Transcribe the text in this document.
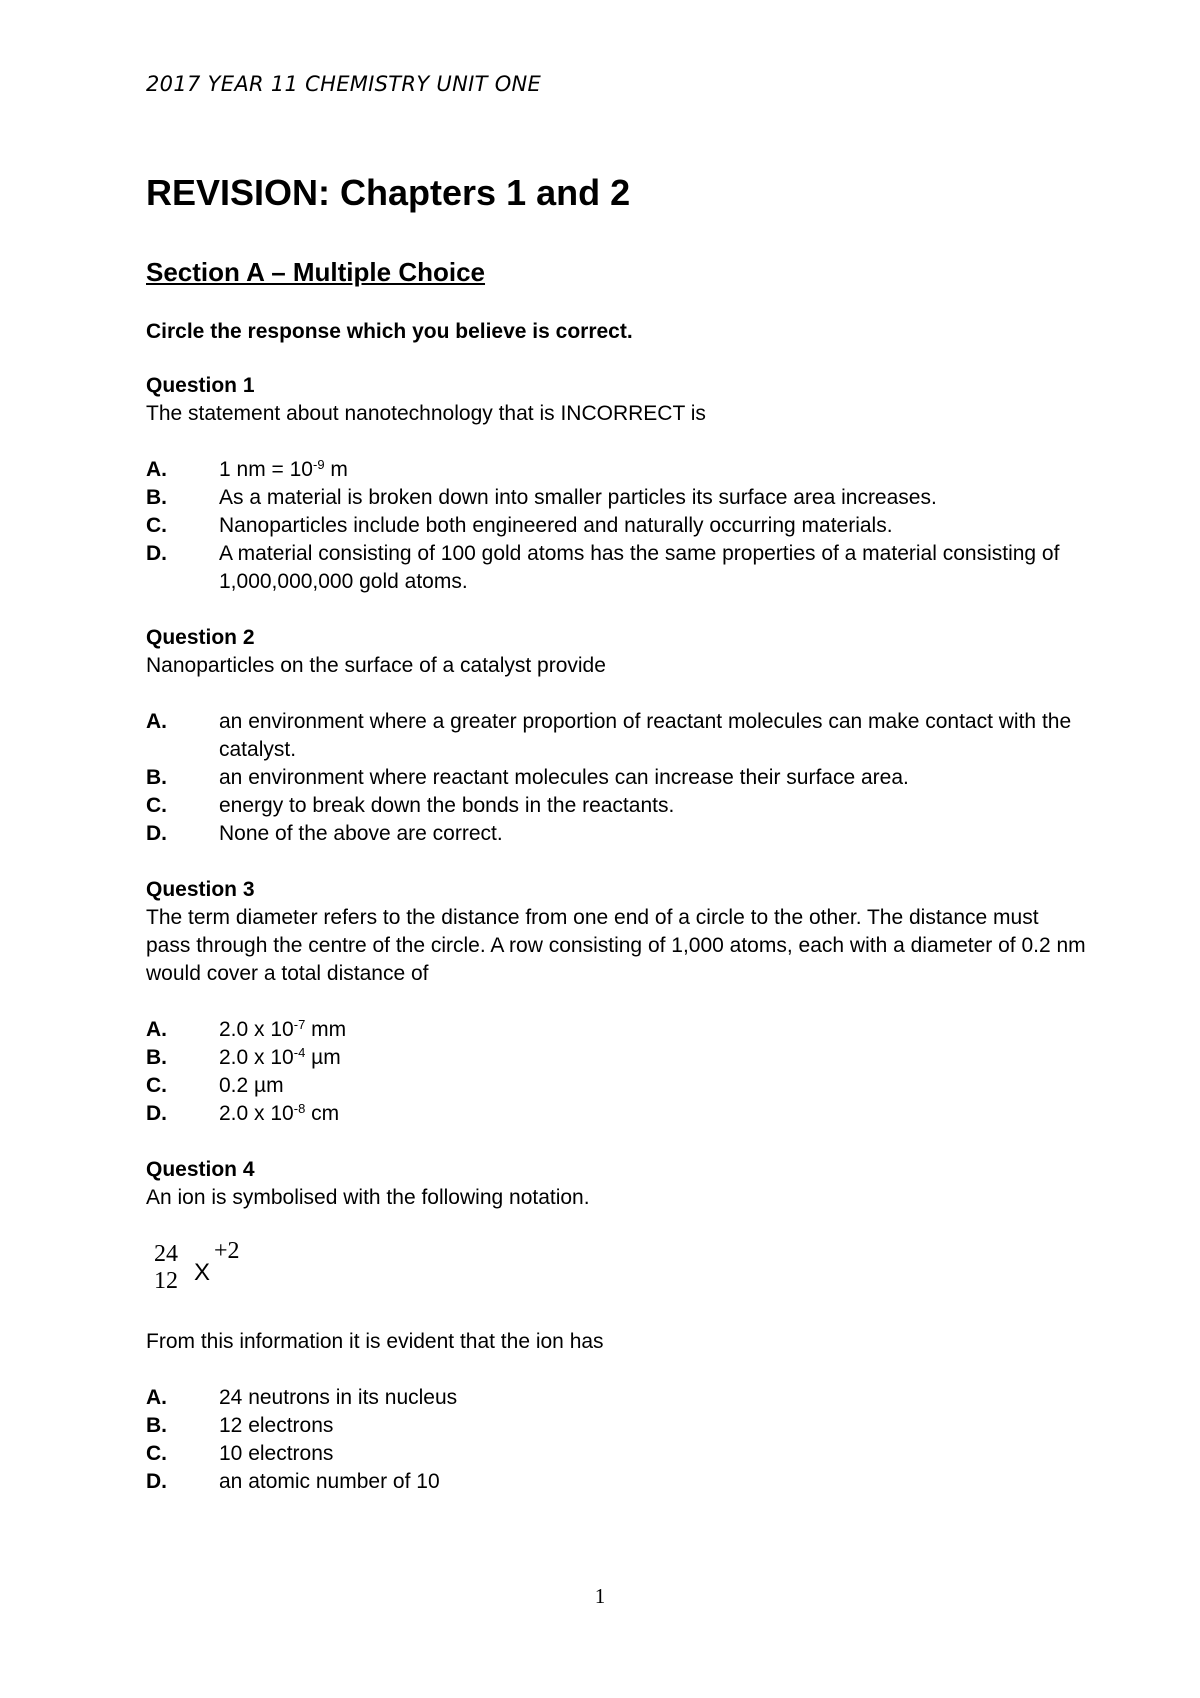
2017 YEAR 11 CHEMISTRY UNIT ONE
REVISION: Chapters 1 and 2
Section A – Multiple Choice
Circle the response which you believe is correct.
Question 1
The statement about nanotechnology that is INCORRECT is
A.	1 nm = $10^{-9}$ m
B.	As a material is broken down into smaller particles its surface area increases.
C.	Nanoparticles include both engineered and naturally occurring materials.
D.	A material consisting of 100 gold atoms has the same properties of a material consisting of 1,000,000,000 gold atoms.
Question 2
Nanoparticles on the surface of a catalyst provide
A.	an environment where a greater proportion of reactant molecules can make contact with the catalyst.
B.	an environment where reactant molecules can increase their surface area.
C.	energy to break down the bonds in the reactants.
D.	None of the above are correct.
Question 3
The term diameter refers to the distance from one end of a circle to the other. The distance must pass through the centre of the circle. A row consisting of 1,000 atoms, each with a diameter of 0.2 nm would cover a total distance of
A.	2.0 x $10^{-7}$ mm
B.	2.0 x $10^{-4}$ µm
C.	0.2 µm
D.	2.0 x $10^{-8}$ cm
Question 4
An ion is symbolised with the following notation.
24
12 X
+2
From this information it is evident that the ion has
A.	24 neutrons in its nucleus
B.	12 electrons
C.	10 electrons
D.	an atomic number of 10
1
